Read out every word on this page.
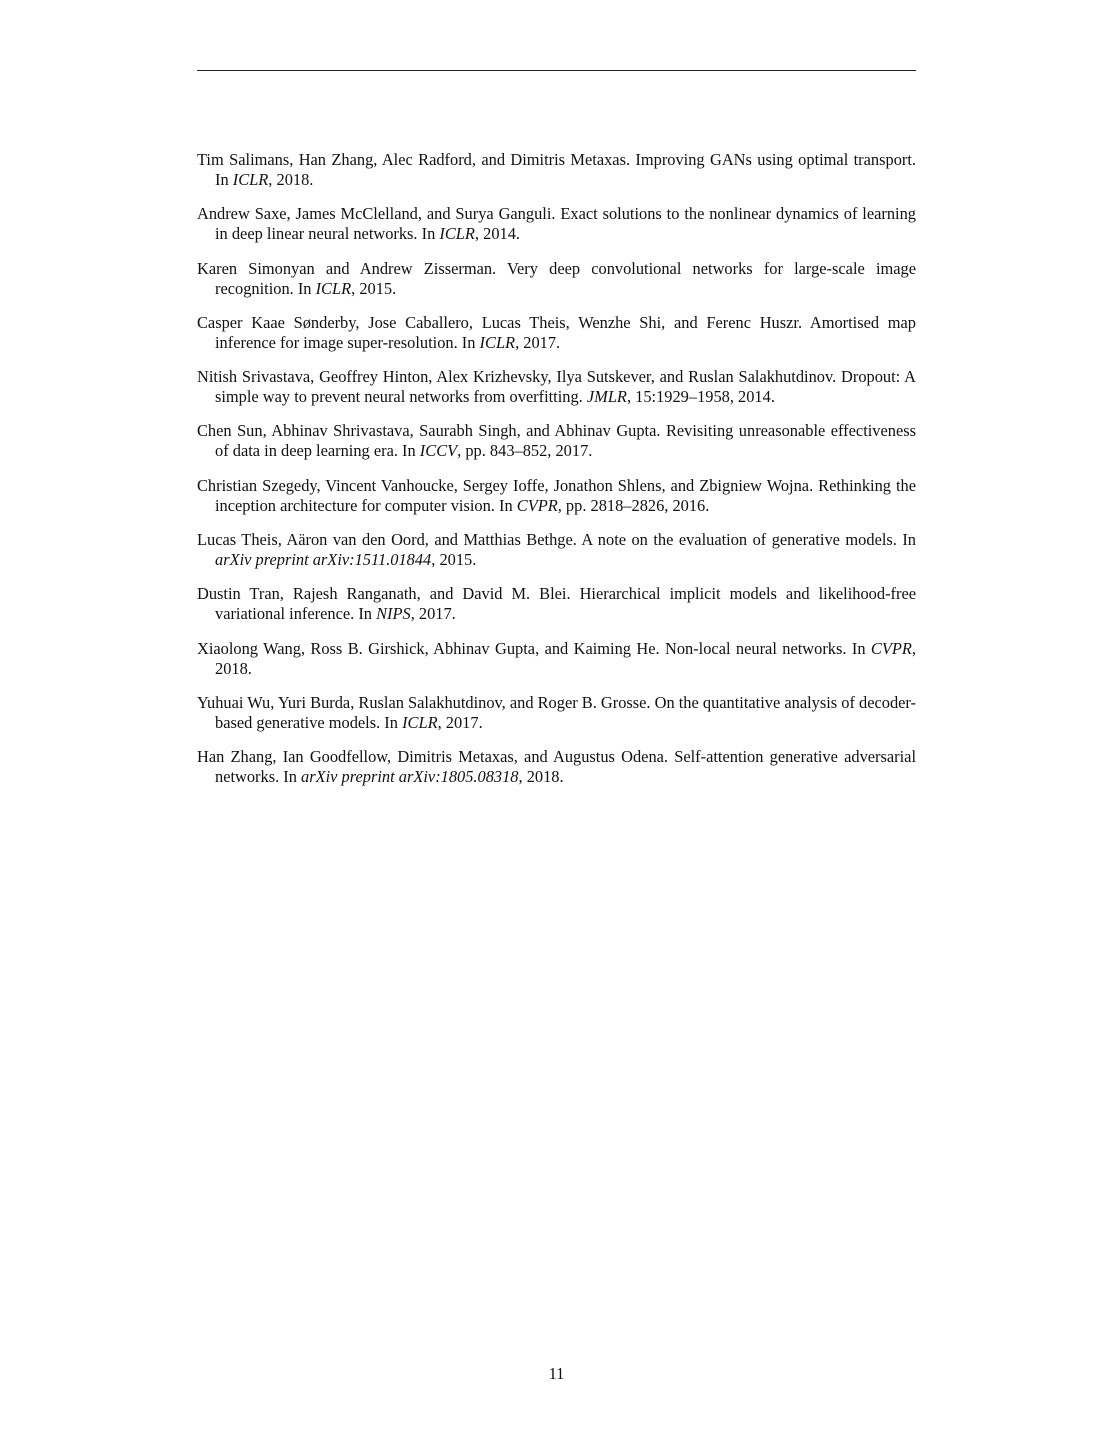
Tim Salimans, Han Zhang, Alec Radford, and Dimitris Metaxas. Improving GANs using optimal transport. In ICLR, 2018.

Andrew Saxe, James McClelland, and Surya Ganguli. Exact solutions to the nonlinear dynamics of learning in deep linear neural networks. In ICLR, 2014.

Karen Simonyan and Andrew Zisserman. Very deep convolutional networks for large-scale image recognition. In ICLR, 2015.

Casper Kaae Sønderby, Jose Caballero, Lucas Theis, Wenzhe Shi, and Ferenc Huszr. Amortised map inference for image super-resolution. In ICLR, 2017.

Nitish Srivastava, Geoffrey Hinton, Alex Krizhevsky, Ilya Sutskever, and Ruslan Salakhutdinov. Dropout: A simple way to prevent neural networks from overfitting. JMLR, 15:1929–1958, 2014.

Chen Sun, Abhinav Shrivastava, Saurabh Singh, and Abhinav Gupta. Revisiting unreasonable effectiveness of data in deep learning era. In ICCV, pp. 843–852, 2017.

Christian Szegedy, Vincent Vanhoucke, Sergey Ioffe, Jonathon Shlens, and Zbigniew Wojna. Rethinking the inception architecture for computer vision. In CVPR, pp. 2818–2826, 2016.

Lucas Theis, Aäron van den Oord, and Matthias Bethge. A note on the evaluation of generative models. In arXiv preprint arXiv:1511.01844, 2015.

Dustin Tran, Rajesh Ranganath, and David M. Blei. Hierarchical implicit models and likelihood-free variational inference. In NIPS, 2017.

Xiaolong Wang, Ross B. Girshick, Abhinav Gupta, and Kaiming He. Non-local neural networks. In CVPR, 2018.

Yuhuai Wu, Yuri Burda, Ruslan Salakhutdinov, and Roger B. Grosse. On the quantitative analysis of decoder-based generative models. In ICLR, 2017.

Han Zhang, Ian Goodfellow, Dimitris Metaxas, and Augustus Odena. Self-attention generative adversarial networks. In arXiv preprint arXiv:1805.08318, 2018.

11
